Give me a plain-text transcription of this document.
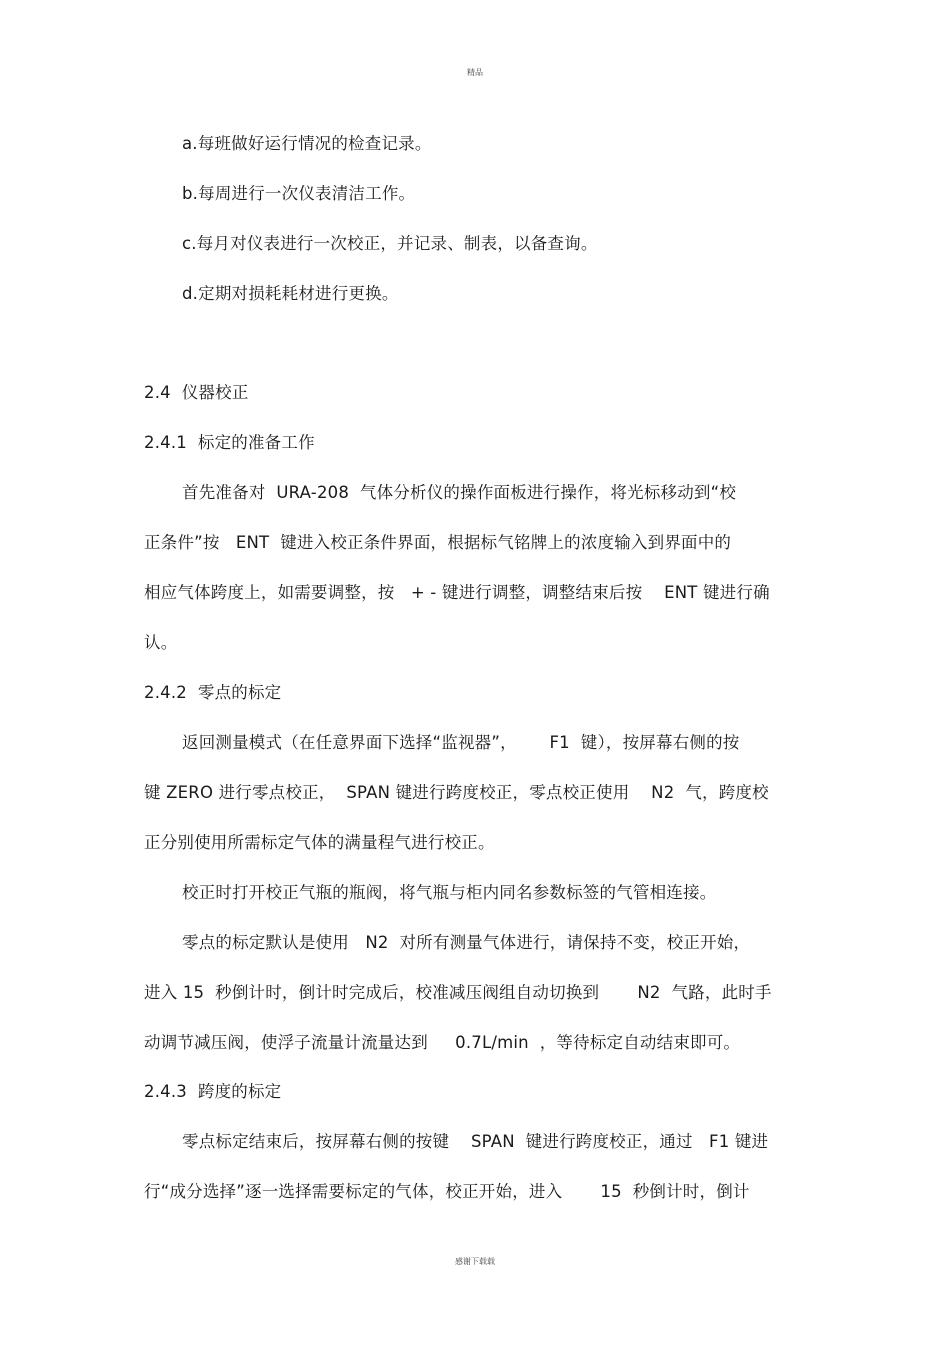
精品
a.每班做好运行情况的检查记录。
b.每周进行一次仪表清洁工作。
c.每月对仪表进行一次校正，并记录、制表，以备查询。
d.定期对损耗耗材进行更换。
2.4  仪器校正
2.4.1  标定的准备工作
首先准备对  URA-208  气体分析仪的操作面板进行操作，将光标移动到“校
正条件”按   ENT  键进入校正条件界面，根据标气铭牌上的浓度输入到界面中的
相应气体跨度上，如需要调整，按   + - 键进行调整，调整结束后按    ENT 键进行确
认。
2.4.2  零点的标定
返回测量模式（在任意界面下选择“监视器”，      F1  键），按屏幕右侧的按
键 ZERO 进行零点校正，  SPAN 键进行跨度校正，零点校正使用    N2  气，跨度校
正分别使用所需标定气体的满量程气进行校正。
校正时打开校正气瓶的瓶阀，将气瓶与柜内同名参数标签的气管相连接。
零点的标定默认是使用   N2  对所有测量气体进行，请保持不变，校正开始，
进入 15  秒倒计时，倒计时完成后，校准减压阀组自动切换到       N2  气路，此时手
动调节减压阀，使浮子流量计流量达到     0.7L/min  ，等待标定自动结束即可。
2.4.3  跨度的标定
零点标定结束后，按屏幕右侧的按键    SPAN  键进行跨度校正，通过   F1 键进
行“成分选择”逐一选择需要标定的气体，校正开始，进入       15  秒倒计时，倒计
感谢下载载
